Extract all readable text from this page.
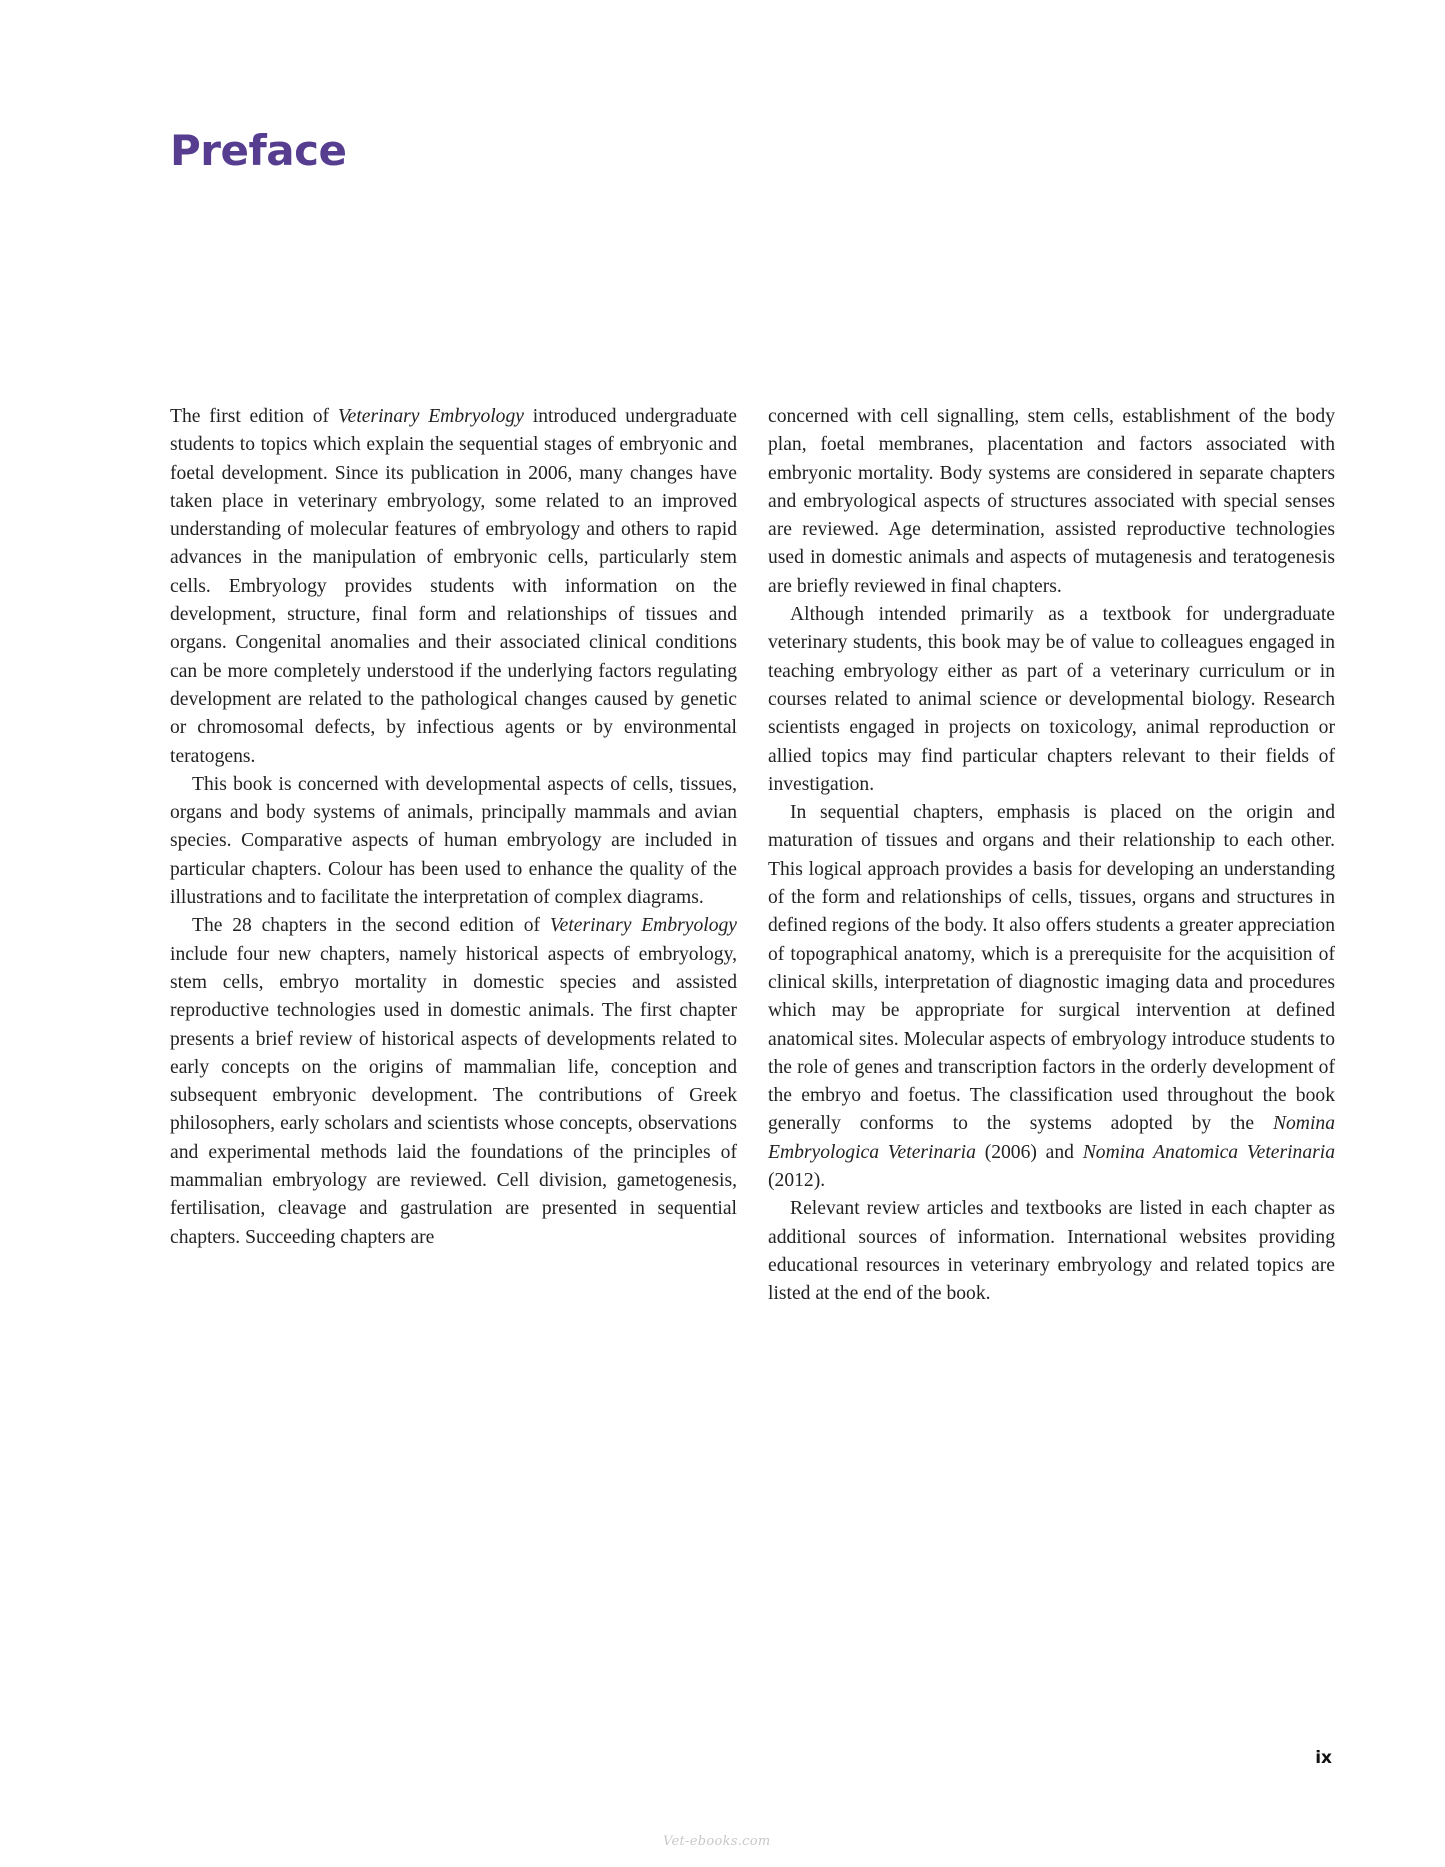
Preface

The first edition of Veterinary Embryology introduced undergraduate students to topics which explain the sequential stages of embryonic and foetal development. Since its publication in 2006, many changes have taken place in veterinary embryology, some related to an improved understanding of molecular features of embryology and others to rapid advances in the manipulation of embryonic cells, particularly stem cells. Embryology provides students with information on the development, structure, final form and relationships of tissues and organs. Congenital anomalies and their associated clinical conditions can be more completely understood if the underlying factors regulating development are related to the pathological changes caused by genetic or chromosomal defects, by infectious agents or by environmental teratogens.

This book is concerned with developmental aspects of cells, tissues, organs and body systems of animals, principally mammals and avian species. Comparative aspects of human embryology are included in particular chapters. Colour has been used to enhance the quality of the illustrations and to facilitate the interpretation of complex diagrams.

The 28 chapters in the second edition of Veterinary Embryology include four new chapters, namely historical aspects of embryology, stem cells, embryo mortality in domestic species and assisted reproductive technologies used in domestic animals. The first chapter presents a brief review of historical aspects of developments related to early concepts on the origins of mammalian life, conception and subsequent embryonic development. The contributions of Greek philosophers, early scholars and scientists whose concepts, observations and experimental methods laid the foundations of the principles of mammalian embryology are reviewed. Cell division, gametogenesis, fertilisation, cleavage and gastrulation are presented in sequential chapters. Succeeding chapters are

concerned with cell signalling, stem cells, establishment of the body plan, foetal membranes, placentation and factors associated with embryonic mortality. Body systems are considered in separate chapters and embryological aspects of structures associated with special senses are reviewed. Age determination, assisted reproductive technologies used in domestic animals and aspects of mutagenesis and teratogenesis are briefly reviewed in final chapters.

Although intended primarily as a textbook for undergraduate veterinary students, this book may be of value to colleagues engaged in teaching embryology either as part of a veterinary curriculum or in courses related to animal science or developmental biology. Research scientists engaged in projects on toxicology, animal reproduction or allied topics may find particular chapters relevant to their fields of investigation.

In sequential chapters, emphasis is placed on the origin and maturation of tissues and organs and their relationship to each other. This logical approach provides a basis for developing an understanding of the form and relationships of cells, tissues, organs and structures in defined regions of the body. It also offers students a greater appreciation of topographical anatomy, which is a prerequisite for the acquisition of clinical skills, interpretation of diagnostic imaging data and procedures which may be appropriate for surgical intervention at defined anatomical sites. Molecular aspects of embryology introduce students to the role of genes and transcription factors in the orderly development of the embryo and foetus. The classification used throughout the book generally conforms to the systems adopted by the Nomina Embryologica Veterinaria (2006) and Nomina Anatomica Veterinaria (2012).

Relevant review articles and textbooks are listed in each chapter as additional sources of information. International websites providing educational resources in veterinary embryology and related topics are listed at the end of the book.

ix
Vet-ebooks.com
